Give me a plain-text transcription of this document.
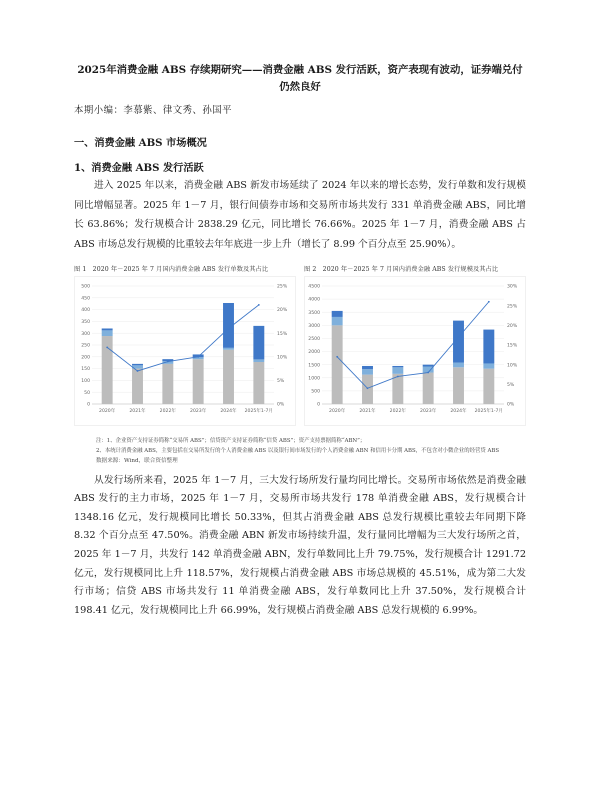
2025年消费金融 ABS 存续期研究——消费金融 ABS 发行活跃，资产表现有波动，证券端兑付仍然良好

本期小编：李慕紫、律文秀、孙国平
一、消费金融 ABS 市场概况
1、消费金融 ABS 发行活跃

进入 2025 年以来，消费金融 ABS 新发市场延续了 2024 年以来的增长态势，发行单数和发行规模同比增幅显著。2025 年 1－7 月，银行间债券市场和交易所市场共发行 331 单消费金融 ABS，同比增长 63.86%；发行规模合计 2838.29 亿元，同比增长 76.66%。2025 年 1－7 月，消费金融 ABS 占 ABS 市场总发行规模的比重较去年年底进一步上升（增长了 8.99 个百分点至 25.90%）。

图 1　2020 年－2025 年 7 月国内消费金融 ABS 发行单数及其占比
0
50
100
150
200
250
300
350
400
450
500
0%
5%
10%
15%
20%
25%
2020年	2021年	2022年	2023年	2024年 2025年1-7月
图 2　2020 年－2025 年 7 月国内消费金融 ABS 发行规模及其占比
0
500
1000
1500
2000
2500
3000
3500
4000
4500
0%
5%
10%
15%
20%
25%
30%
2020年	2021年	2022年	2023年	2024年 2025年1-7月
注：1、企业资产支持证券简称“交易所 ABS”；信贷资产支持证券简称“信贷 ABS”；资产支持票据简称“ABN”；
2、本统计消费金融 ABS，主要包括在交易所发行的个人消费金融 ABS 以及银行间市场发行的个人消费金融 ABN 和信用卡分期 ABS，不包含对小微企业的经营贷 ABS
数据来源：Wind，联合资信整理

从发行场所来看，2025 年 1－7 月，三大发行场所发行量均同比增长。交易所市场依然是消费金融 ABS 发行的主力市场，2025 年 1－7 月，交易所市场共发行 178 单消费金融 ABS，发行规模合计 1348.16 亿元，发行规模同比增长 50.33%，但其占消费金融 ABS 总发行规模比重较去年同期下降 8.32 个百分点至 47.50%。消费金融 ABN 新发市场持续升温，发行量同比增幅为三大发行场所之首，2025 年 1－7 月，共发行 142 单消费金融 ABN，发行单数同比上升 79.75%，发行规模合计 1291.72 亿元，发行规模同比上升 118.57%，发行规模占消费金融 ABS 市场总规模的 45.51%，成为第二大发行市场；信贷 ABS 市场共发行 11 单消费金融 ABS，发行单数同比上升 37.50%，发行规模合计 198.41 亿元，发行规模同比上升 66.99%，发行规模占消费金融 ABS 总发行规模的 6.99%。
